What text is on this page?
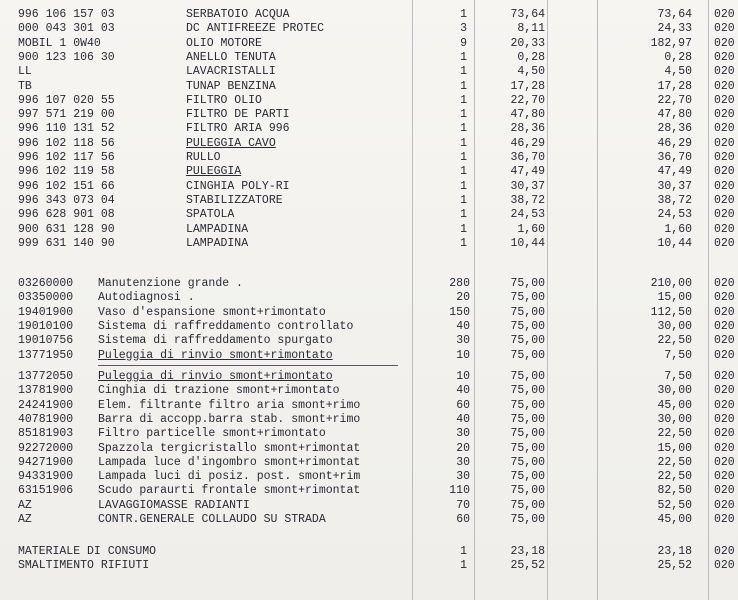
996 106 157 03	SERBATOIO ACQUA	1	73,64	73,64 020
000 043 301 03	DC ANTIFREEZE PROTEC	3	8,11	24,33 020
MOBIL 1 0W40	OLIO MOTORE	9	20,33	182,97 020
900 123 106 30	ANELLO TENUTA	1	0,28	0,28 020
LL	LAVACRISTALLI	1	4,50	4,50 020
TB	TUNAP BENZINA	1	17,28	17,28 020
996 107 020 55	FILTRO OLIO	1	22,70	22,70 020
997 571 219 00	FILTRO DE PARTI	1	47,80	47,80 020
996 110 131 52	FILTRO ARIA 996	1	28,36	28,36 020
996 102 118 56	PULEGGIA CAVO	1	46,29	46,29 020
996 102 117 56	RULLO	1	36,70	36,70 020
996 102 119 58	PULEGGIA	1	47,49	47,49 020
996 102 151 66	CINGHIA POLY-RI	1	30,37	30,37 020
996 343 073 04	STABILIZZATORE	1	38,72	38,72 020
996 628 901 08	SPATOLA	1	24,53	24,53 020
900 631 128 90	LAMPADINA	1	1,60	1,60 020
999 631 140 90	LAMPADINA	1	10,44	10,44 020
03260000 Manutenzione grande .	280	75,00	210,00 020
03350000 Autodiagnosi .	20	75,00	15,00 020
19401900 Vaso d'espansione smont+rimontato	150	75,00	112,50 020
19010100 Sistema di raffreddamento controllato	40	75,00	30,00 020
19010756 Sistema di raffreddamento spurgato	30	75,00	22,50 020
13771950 Puleggia di rinvio smont+rimontato	10	75,00	7,50 020
13772050 Puleggia di rinvio smont+rimontato	10	75,00	7,50 020
13781900 Cinghia di trazione smont+rimontato	40	75,00	30,00 020
24241900 Elem. filtrante filtro aria smont+rimo	60	75,00	45,00 020
40781900 Barra di accopp.barra stab. smont+rimo	40	75,00	30,00 020
85181903 Filtro particelle smont+rimontato	30	75,00	22,50 020
92272000 Spazzola tergicristallo smont+rimontat	20	75,00	15,00 020
94271900 Lampada luce d'ingombro smont+rimontat	30	75,00	22,50 020
94331900 Lampada luci di posiz. post. smont+rim	30	75,00	22,50 020
63151906 Scudo paraurti frontale smont+rimontat	110	75,00	82,50 020
AZ	LAVAGGIOMASSE RADIANTI	70	75,00	52,50 020
AZ	CONTR.GENERALE COLLAUDO SU STRADA	60	75,00	45,00 020
MATERIALE DI CONSUMO	1	23,18	23,18 020
SMALTIMENTO RIFIUTI	1	25,52	25,52 020
